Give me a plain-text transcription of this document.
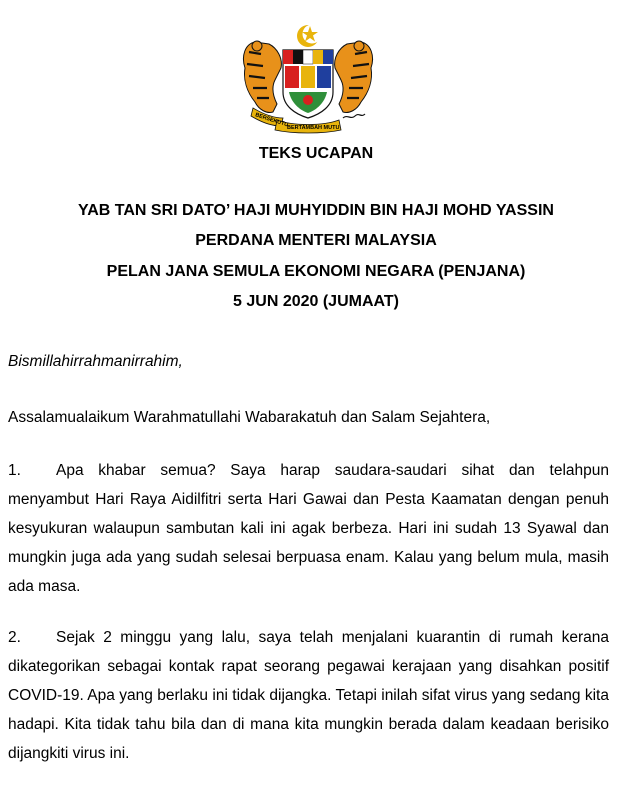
BERSEKUTU
BERTAMBAH MUTU

TEKS UCAPAN

YAB TAN SRI DATO’ HAJI MUHYIDDIN BIN HAJI MOHD YASSIN

PERDANA MENTERI MALAYSIA

PELAN JANA SEMULA EKONOMI NEGARA (PENJANA)

5 JUN 2020 (JUMAAT)

Bismillahirrahmanirrahim,

Assalamualaikum Warahmatullahi Wabarakatuh dan Salam Sejahtera,

1. Apa khabar semua? Saya harap saudara-saudari sihat dan telahpun menyambut Hari Raya Aidilfitri serta Hari Gawai dan Pesta Kaamatan dengan penuh kesyukuran walaupun sambutan kali ini agak berbeza. Hari ini sudah 13 Syawal dan mungkin juga ada yang sudah selesai berpuasa enam. Kalau yang belum mula, masih ada masa.

2. Sejak 2 minggu yang lalu, saya telah menjalani kuarantin di rumah kerana dikategorikan sebagai kontak rapat seorang pegawai kerajaan yang disahkan positif COVID-19. Apa yang berlaku ini tidak dijangka. Tetapi inilah sifat virus yang sedang kita hadapi. Kita tidak tahu bila dan di mana kita mungkin berada dalam keadaan berisiko dijangkiti virus ini.
